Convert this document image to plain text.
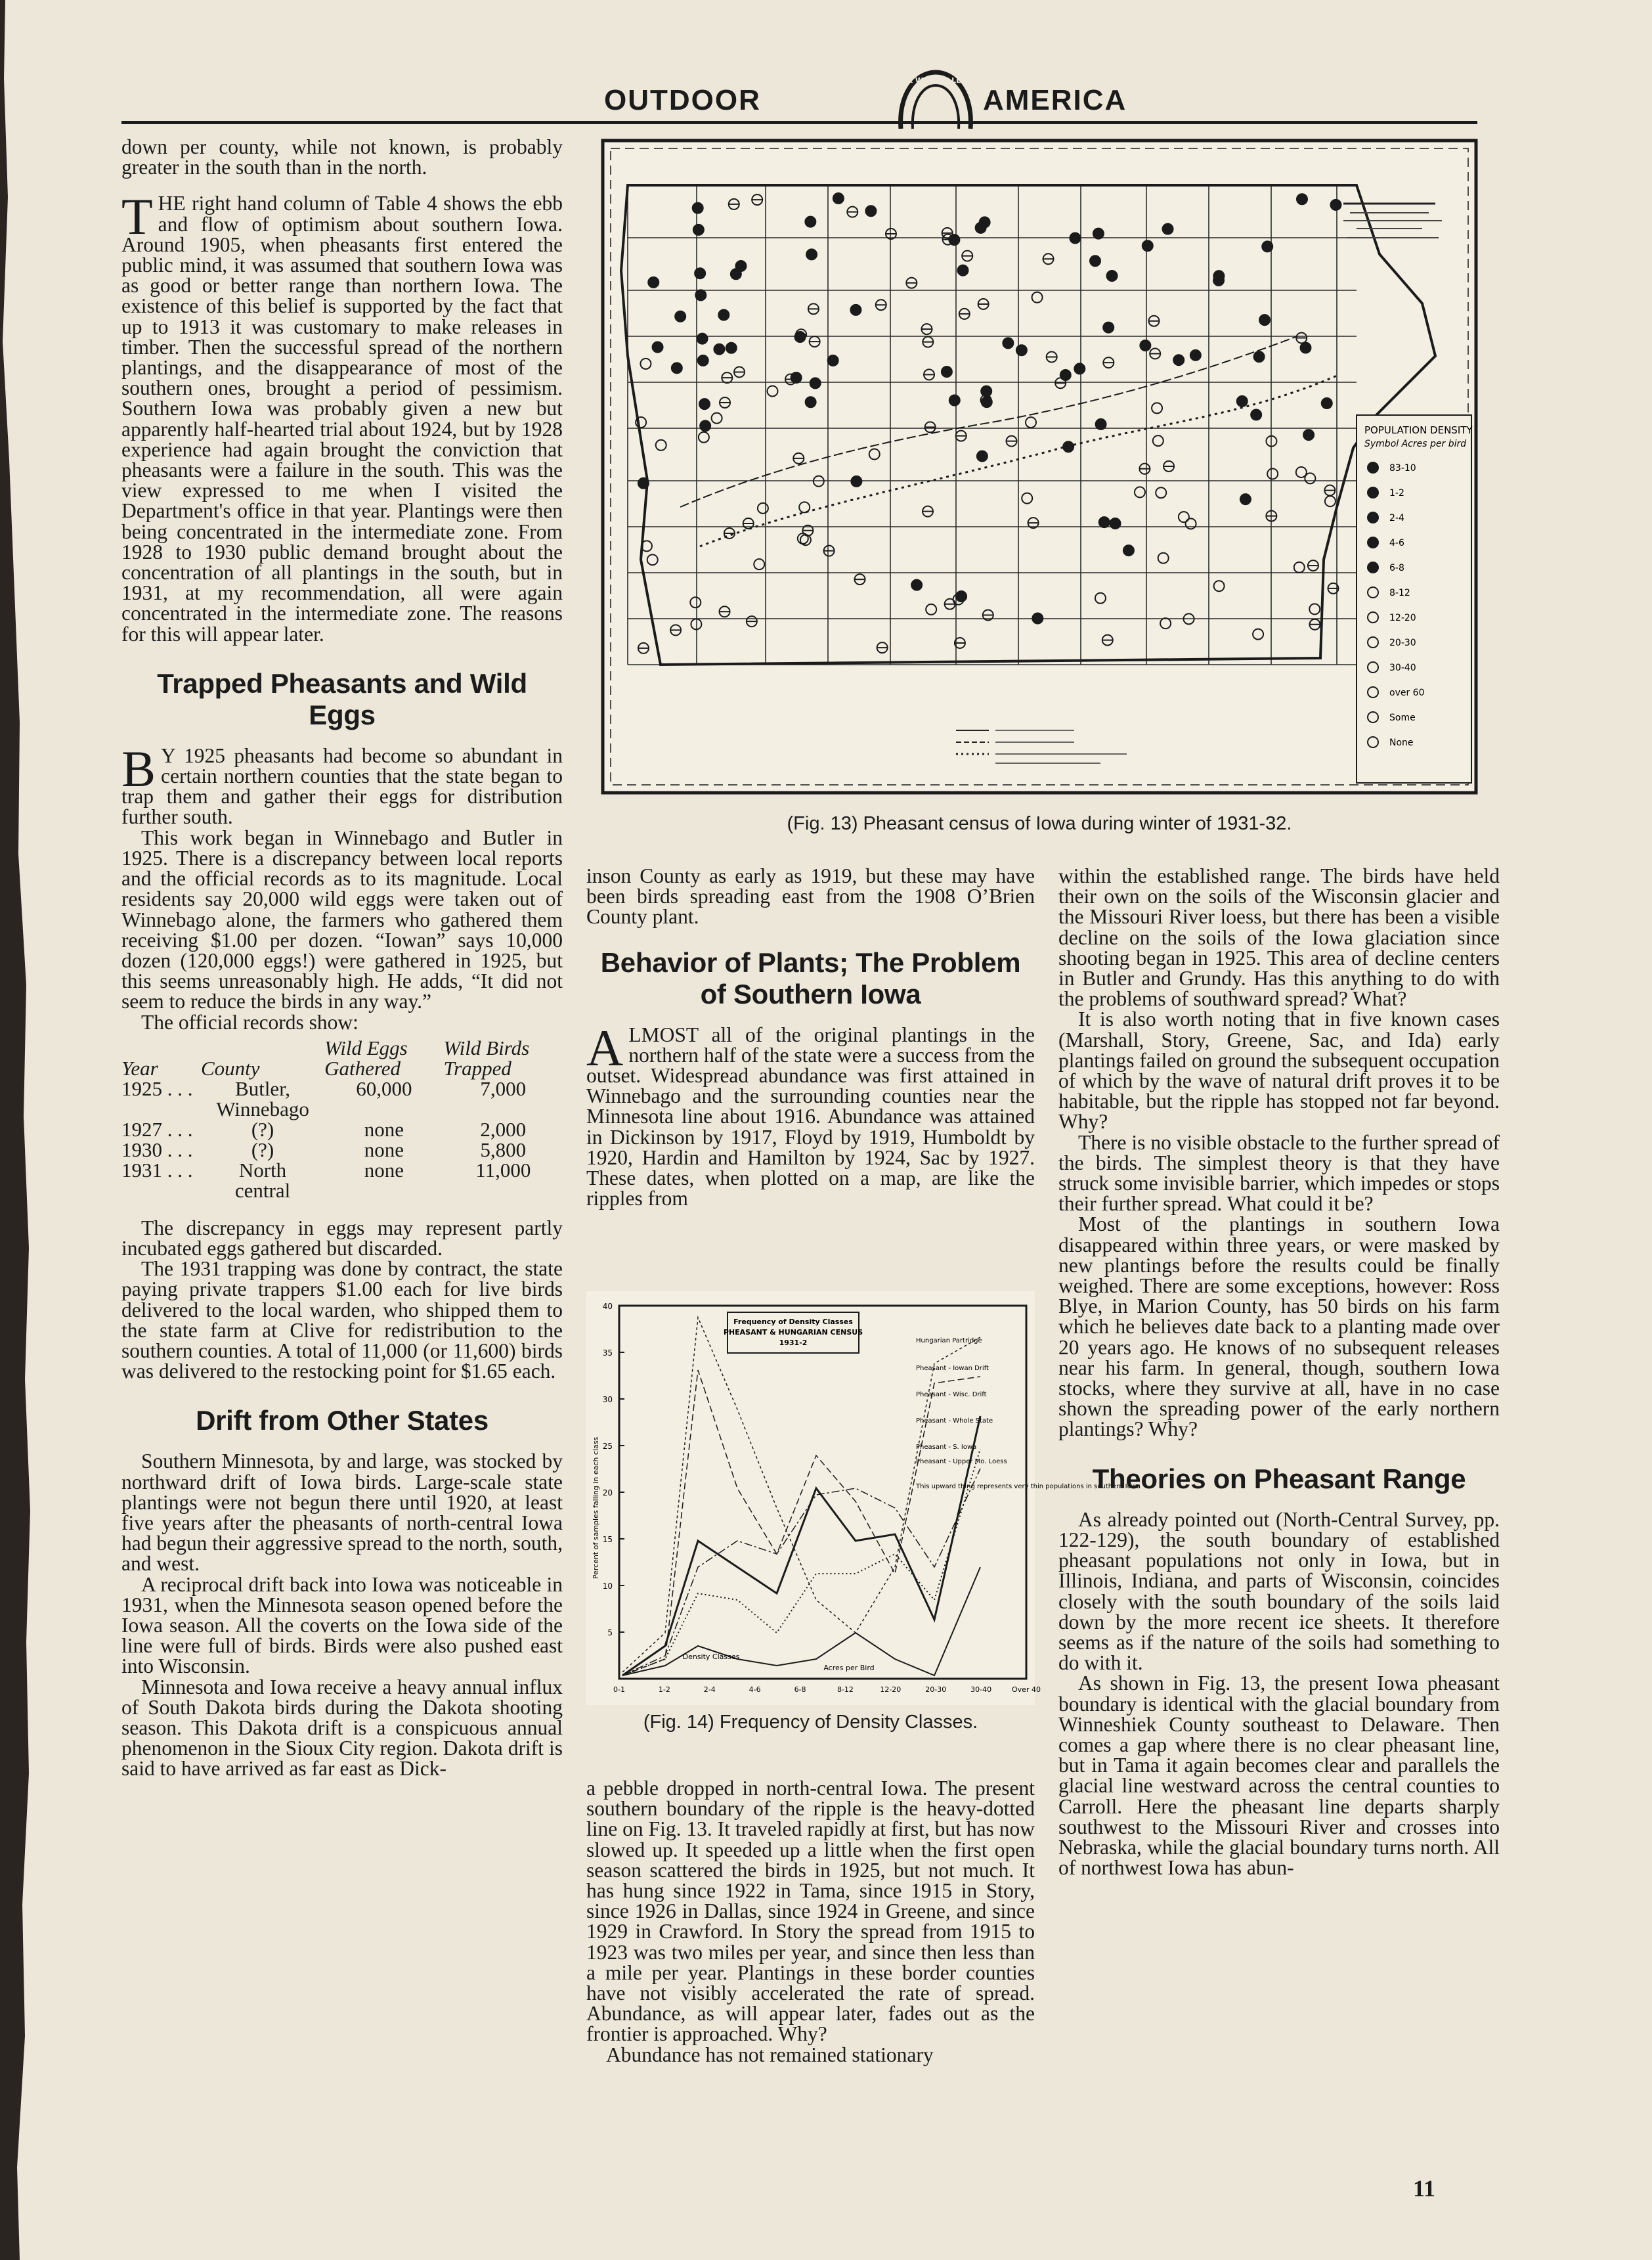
OUTDOOR
IZAAK WALTON LEAGUE
AMERICA

down per county, while not known, is probably greater in the south than in the north.

THE right hand column of Table 4 shows the ebb and flow of optimism about southern Iowa. Around 1905, when pheasants first entered the public mind, it was assumed that southern Iowa was as good or better range than northern Iowa. The existence of this belief is supported by the fact that up to 1913 it was customary to make releases in timber. Then the successful spread of the northern plantings, and the disappearance of most of the southern ones, brought a period of pessimism. Southern Iowa was probably given a new but apparently half-hearted trial about 1924, but by 1928 experience had again brought the conviction that pheasants were a failure in the south. This was the view expressed to me when I visited the Department's office in that year. Plantings were then being concentrated in the intermediate zone. From 1928 to 1930 public demand brought about the concentration of all plantings in the south, but in 1931, at my recommendation, all were again concentrated in the intermediate zone. The reasons for this will appear later.

Trapped Pheasants and Wild Eggs

B Y 1925 pheasants had become so abundant in certain northern counties that the state began to trap them and gather their eggs for distribution further south.

This work began in Winnebago and Butler in 1925. There is a discrepancy between local reports and the official records as to its magnitude. Local residents say 20,000 wild eggs were taken out of Winnebago alone, the farmers who gathered them receiving $1.00 per dozen. “Iowan” says 10,000 dozen (120,000 eggs!) were gathered in 1925, but this seems unreasonably high. He adds, “It did not seem to reduce the birds in any way.”

The official records show:

		Wild Eggs	Wild Birds
Year	County	Gathered	Trapped
1925 . . .	Butler,	60,000	7,000
	Winnebago		
1927 . . .	(?)	none	2,000
1930 . . .	(?)	none	5,800
1931 . . .	North	none	11,000
	central		

The discrepancy in eggs may represent partly incubated eggs gathered but discarded.

The 1931 trapping was done by contract, the state paying private trappers $1.00 each for live birds delivered to the local warden, who shipped them to the state farm at Clive for redistribution to the southern counties. A total of 11,000 (or 11,600) birds was delivered to the restocking point for $1.65 each.

Drift from Other States

Southern Minnesota, by and large, was stocked by northward drift of Iowa birds. Large-scale state plantings were not begun there until 1920, at least five years after the pheasants of north-central Iowa had begun their aggressive spread to the north, south, and west.

A reciprocal drift back into Iowa was noticeable in 1931, when the Minnesota season opened before the Iowa season. All the coverts on the Iowa side of the line were full of birds. Birds were also pushed east into Wisconsin.

Minnesota and Iowa receive a heavy annual influx of South Dakota birds during the Dakota shooting season. This Dakota drift is a conspicuous annual phenomenon in the Sioux City region. Dakota drift is said to have arrived as far east as Dick-

POPULATION DENSITY
Symbol Acres per bird
83-10
1-2
2-4
4-6
6-8
8-12
12-20
20-30
30-40
over 60
Some
None
(Fig. 13) Pheasant census of Iowa during winter of 1931-32.

inson County as early as 1919, but these may have been birds spreading east from the 1908 O’Brien County plant.

Behavior of Plants; The Problem of Southern Iowa

ALMOST all of the original plantings in the northern half of the state were a success from the outset. Widespread abundance was first attained in Winnebago and the surrounding counties near the Minnesota line about 1916. Abundance was attained in Dickinson by 1917, Floyd by 1919, Humboldt by 1920, Hardin and Hamilton by 1924, Sac by 1927. These dates, when plotted on a map, are like the ripples from

5
10
15
20
25
30
35
40
0-1	1-2	2-4	4-6	6-8	8-12	12-20	20-30	30-40	Over 40
Percent of samples falling in each class
Acres per Bird
Density Classes
Frequency of Density Classes
PHEASANT & HUNGARIAN CENSUS
1931-2	Hungarian Partridge
Pheasant - Iowan Drift
Pheasant - Wisc. Drift
Pheasant - Whole State
Pheasant - S. Iowa
Pheasant - Upper Mo. Loess
This upward thing represents very thin populations in southern Iowa
(Fig. 14) Frequency of Density Classes.

a pebble dropped in north-central Iowa. The present southern boundary of the ripple is the heavy-dotted line on Fig. 13. It traveled rapidly at first, but has now slowed up. It speeded up a little when the first open season scattered the birds in 1925, but not much. It has hung since 1922 in Tama, since 1915 in Story, since 1926 in Dallas, since 1924 in Greene, and since 1929 in Crawford. In Story the spread from 1915 to 1923 was two miles per year, and since then less than a mile per year. Plantings in these border counties have not visibly accelerated the rate of spread. Abundance, as will appear later, fades out as the frontier is approached. Why?

Abundance has not remained stationary

within the established range. The birds have held their own on the soils of the Wisconsin glacier and the Missouri River loess, but there has been a visible decline on the soils of the Iowa glaciation since shooting began in 1925. This area of decline centers in Butler and Grundy. Has this anything to do with the problems of southward spread? What?

It is also worth noting that in five known cases (Marshall, Story, Greene, Sac, and Ida) early plantings failed on ground the subsequent occupation of which by the wave of natural drift proves it to be habitable, but the ripple has stopped not far beyond. Why?

There is no visible obstacle to the further spread of the birds. The simplest theory is that they have struck some invisible barrier, which impedes or stops their further spread. What could it be?

Most of the plantings in southern Iowa disappeared within three years, or were masked by new plantings before the results could be finally weighed. There are some exceptions, however: Ross Blye, in Marion County, has 50 birds on his farm which he believes date back to a planting made over 20 years ago. He knows of no subsequent releases near his farm. In general, though, southern Iowa stocks, where they survive at all, have in no case shown the spreading power of the early northern plantings? Why?

Theories on Pheasant Range

As already pointed out (North-Central Survey, pp. 122-129), the south boundary of established pheasant populations not only in Iowa, but in Illinois, Indiana, and parts of Wisconsin, coincides closely with the south boundary of the soils laid down by the more recent ice sheets. It therefore seems as if the nature of the soils had something to do with it.

As shown in Fig. 13, the present Iowa pheasant boundary is identical with the glacial boundary from Winneshiek County southeast to Delaware. Then comes a gap where there is no clear pheasant line, but in Tama it again becomes clear and parallels the glacial line westward across the central counties to Carroll. Here the pheasant line departs sharply southwest to the Missouri River and crosses into Nebraska, while the glacial boundary turns north. All of northwest Iowa has abun-

11
